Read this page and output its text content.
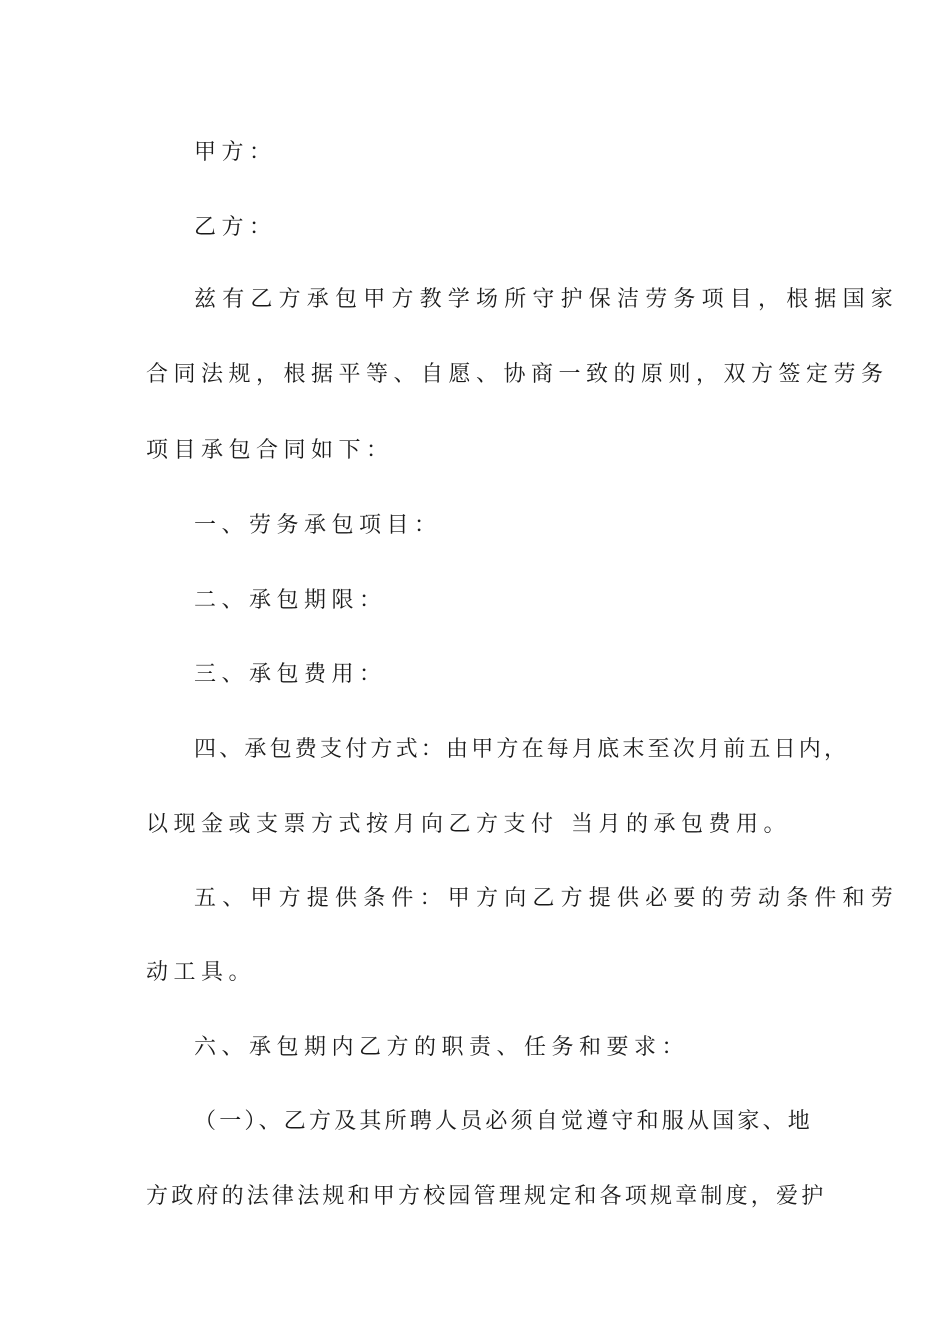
甲方：
乙方：
兹有乙方承包甲方教学场所守护保洁劳务项目，根据国家
合同法规，根据平等、自愿、协商一致的原则，双方签定劳务
项目承包合同如下：
一、劳务承包项目：
二、承包期限：
三、承包费用：
四、承包费支付方式：由甲方在每月底末至次月前五日内，
以现金或支票方式按月向乙方支付 当月的承包费用。
五、甲方提供条件：甲方向乙方提供必要的劳动条件和劳
动工具。
六、承包期内乙方的职责、任务和要求：
（一）、乙方及其所聘人员必须自觉遵守和服从国家、地
方政府的法律法规和甲方校园管理规定和各项规章制度，爱护
